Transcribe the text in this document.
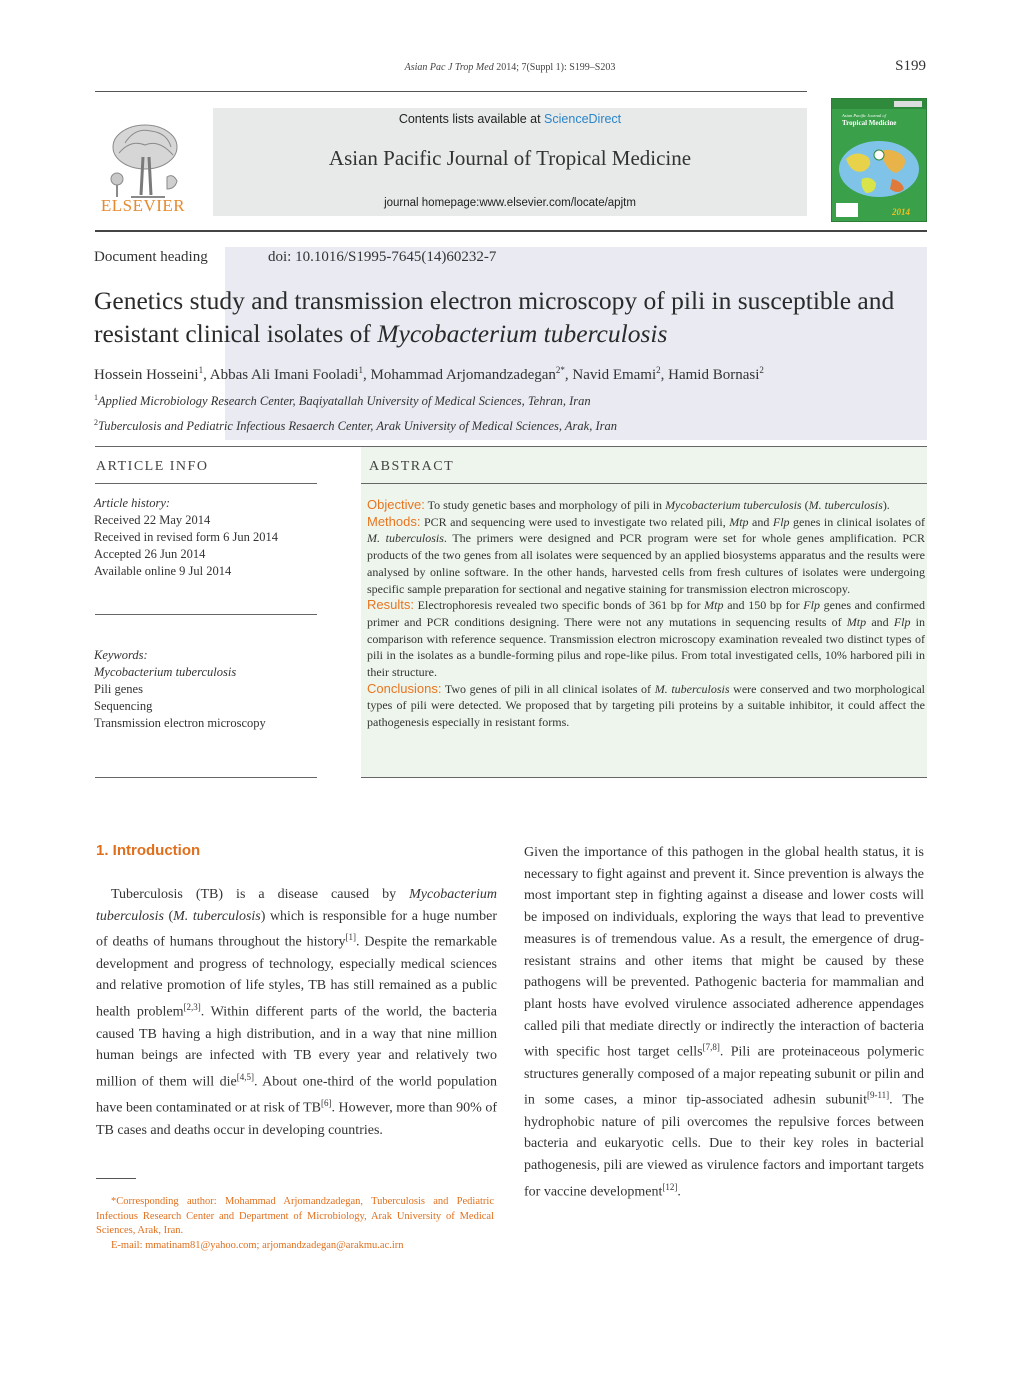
Asian Pac J Trop Med 2014; 7(Suppl 1): S199–S203	S199
ELSEVIER
Contents lists available at ScienceDirect
Asian Pacific Journal of Tropical Medicine
journal homepage:www.elsevier.com/locate/apjtm
Asian Pacific Journal of
Tropical Medicine
2014
Document heading	doi: 10.1016/S1995-7645(14)60232-7
Genetics study and transmission electron microscopy of pili in susceptible and resistant clinical isolates of Mycobacterium tuberculosis
Hossein Hosseini$^1$, Abbas Ali Imani Fooladi$^1$, Mohammad Arjomandzadegan$^{2*}$, Navid Emami$^2$, Hamid Bornasi$^2$
$^1$Applied Microbiology Research Center, Baqiyatallah University of Medical Sciences, Tehran, Iran
$^2$Tuberculosis and Pediatric Infectious Resaerch Center, Arak University of Medical Sciences, Arak, Iran
ARTICLE INFO	ABSTRACT
Article history:
Received 22 May 2014
Received in revised form 6 Jun 2014
Accepted 26 Jun 2014
Available online 9 Jul 2014
Keywords:
Mycobacterium tuberculosis
Pili genes
Sequencing
Transmission electron microscopy

Objective: To study genetic bases and morphology of pili in Mycobacterium tuberculosis (M. tuberculosis).

Methods: PCR and sequencing were used to investigate two related pili, Mtp and Flp genes in clinical isolates of M. tuberculosis. The primers were designed and PCR program were set for whole genes amplification. PCR products of the two genes from all isolates were sequenced by an applied biosystems apparatus and the results were analysed by online software. In the other hands, harvested cells from fresh cultures of isolates were undergoing specific sample preparation for sectional and negative staining for transmission electron microscopy.

Results: Electrophoresis revealed two specific bonds of 361 bp for Mtp and 150 bp for Flp genes and confirmed primer and PCR conditions designing. There were not any mutations in sequencing results of Mtp and Flp in comparison with reference sequence. Transmission electron microscopy examination revealed two distinct types of pili in the isolates as a bundle-forming pilus and rope-like pilus. From total investigated cells, 10% harbored pili in their structure.

Conclusions: Two genes of pili in all clinical isolates of M. tuberculosis were conserved and two morphological types of pili were detected. We proposed that by targeting pili proteins by a suitable inhibitor, it could affect the pathogenesis especially in resistant forms.

1. Introduction
Tuberculosis (TB) is a disease caused by Mycobacterium tuberculosis (M. tuberculosis) which is responsible for a huge number of deaths of humans throughout the history[1]. Despite the remarkable development and progress of technology, especially medical sciences and relative promotion of life styles, TB has still remained as a public health problem[2,3]. Within different parts of the world, the bacteria caused TB having a high distribution, and in a way that nine million human beings are infected with TB every year and relatively two million of them will die[4,5]. About one-third of the world population have been contaminated or at risk of TB[6]. However, more than 90% of TB cases and deaths occur in developing countries.
Given the importance of this pathogen in the global health status, it is necessary to fight against and prevent it. Since prevention is always the most important step in fighting against a disease and lower costs will be imposed on individuals, exploring the ways that lead to preventive measures is of tremendous value. As a result, the emergence of drug-resistant strains and other items that might be caused by these pathogens will be prevented. Pathogenic bacteria for mammalian and plant hosts have evolved virulence associated adherence appendages called pili that mediate directly or indirectly the interaction of bacteria with specific host target cells[7,8]. Pili are proteinaceous polymeric structures generally composed of a major repeating subunit or pilin and in some cases, a minor tip-associated adhesin subunit[9-11]. The hydrophobic nature of pili overcomes the repulsive forces between bacteria and eukaryotic cells. Due to their key roles in bacterial pathogenesis, pili are viewed as virulence factors and important targets for vaccine development[12].

*Corresponding author: Mohammad Arjomandzadegan, Tuberculosis and Pediatric Infectious Research Center and Department of Microbiology, Arak University of Medical Sciences, Arak, Iran.

E-mail: mmatinam81@yahoo.com; arjomandzadegan@arakmu.ac.irn
